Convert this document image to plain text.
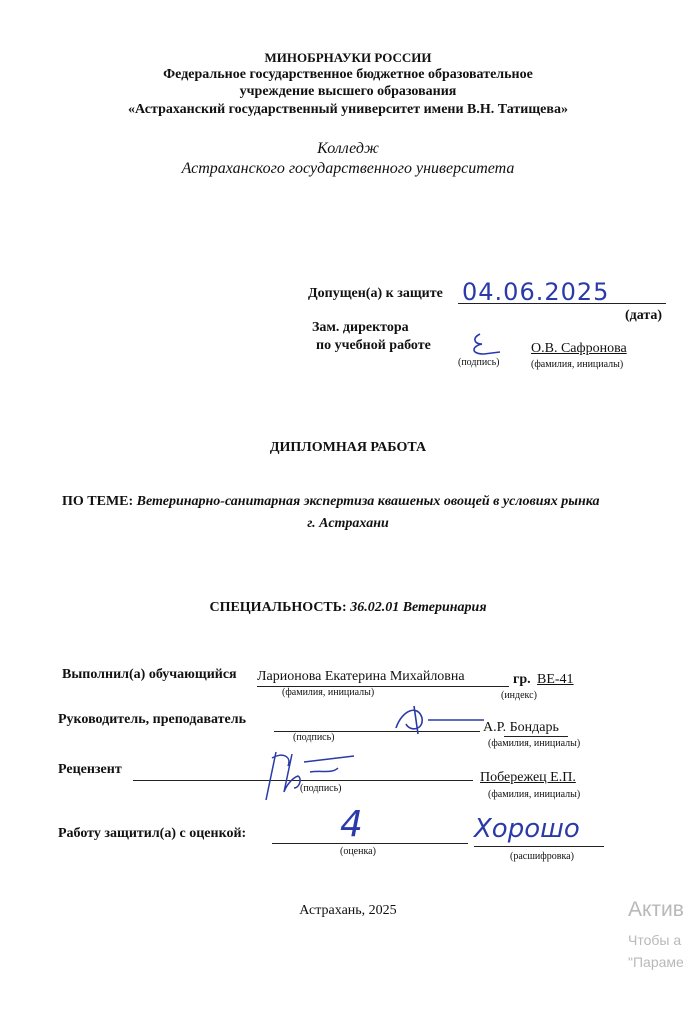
МИНОБРНАУКИ РОССИИ
Федеральное государственное бюджетное образовательное
учреждение высшего образования
«Астраханский государственный университет имени В.Н. Татищева»
Колледж
Астраханского государственного университета
Допущен(а) к защите 04.06.2025
(дата)
Зам. директора
по учебной работе
(подпись)
О.В. Сафронова
(фамилия, инициалы)
ДИПЛОМНАЯ РАБОТА
ПО ТЕМЕ: Ветеринарно-санитарная экспертиза квашеных овощей в условиях рынка
г. Астрахани
СПЕЦИАЛЬНОСТЬ: 36.02.01 Ветеринария
Выполнил(а) обучающийся Ларионова Екатерина Михайловна	гр. ВЕ-41
(фамилия, инициалы)	(индекс)
Руководитель, преподаватель
А.Р. Бондарь
(подпись)
(фамилия, инициалы)
Рецензент
Побережец Е.П.
(подпись)
(фамилия, инициалы)
Работу защитил(а) с оценкой:	4	Хорошо
(оценка)	(расшифровка)
Астрахань, 2025	Актив
Чтобы а
"Парамe
